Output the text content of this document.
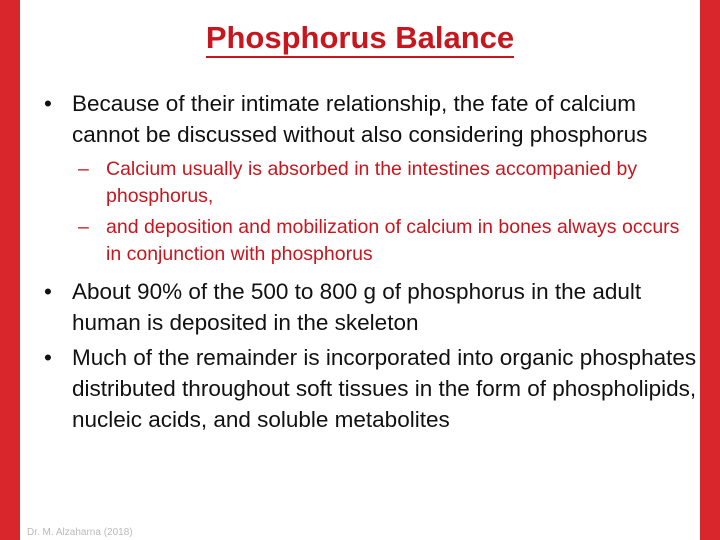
Phosphorus Balance

• Because of their intimate relationship, the fate of calcium cannot be discussed without also considering phosphorus

– Calcium usually is absorbed in the intestines accompanied by phosphorus,

– and deposition and mobilization of calcium in bones always occurs in conjunction with phosphorus

• About 90% of the 500 to 800 g of phosphorus in the adult human is deposited in the skeleton

• Much of the remainder is incorporated into organic phosphates distributed throughout soft tissues in the form of phospholipids, nucleic acids, and soluble metabolites

Dr. M. Alzaharna (2018)
